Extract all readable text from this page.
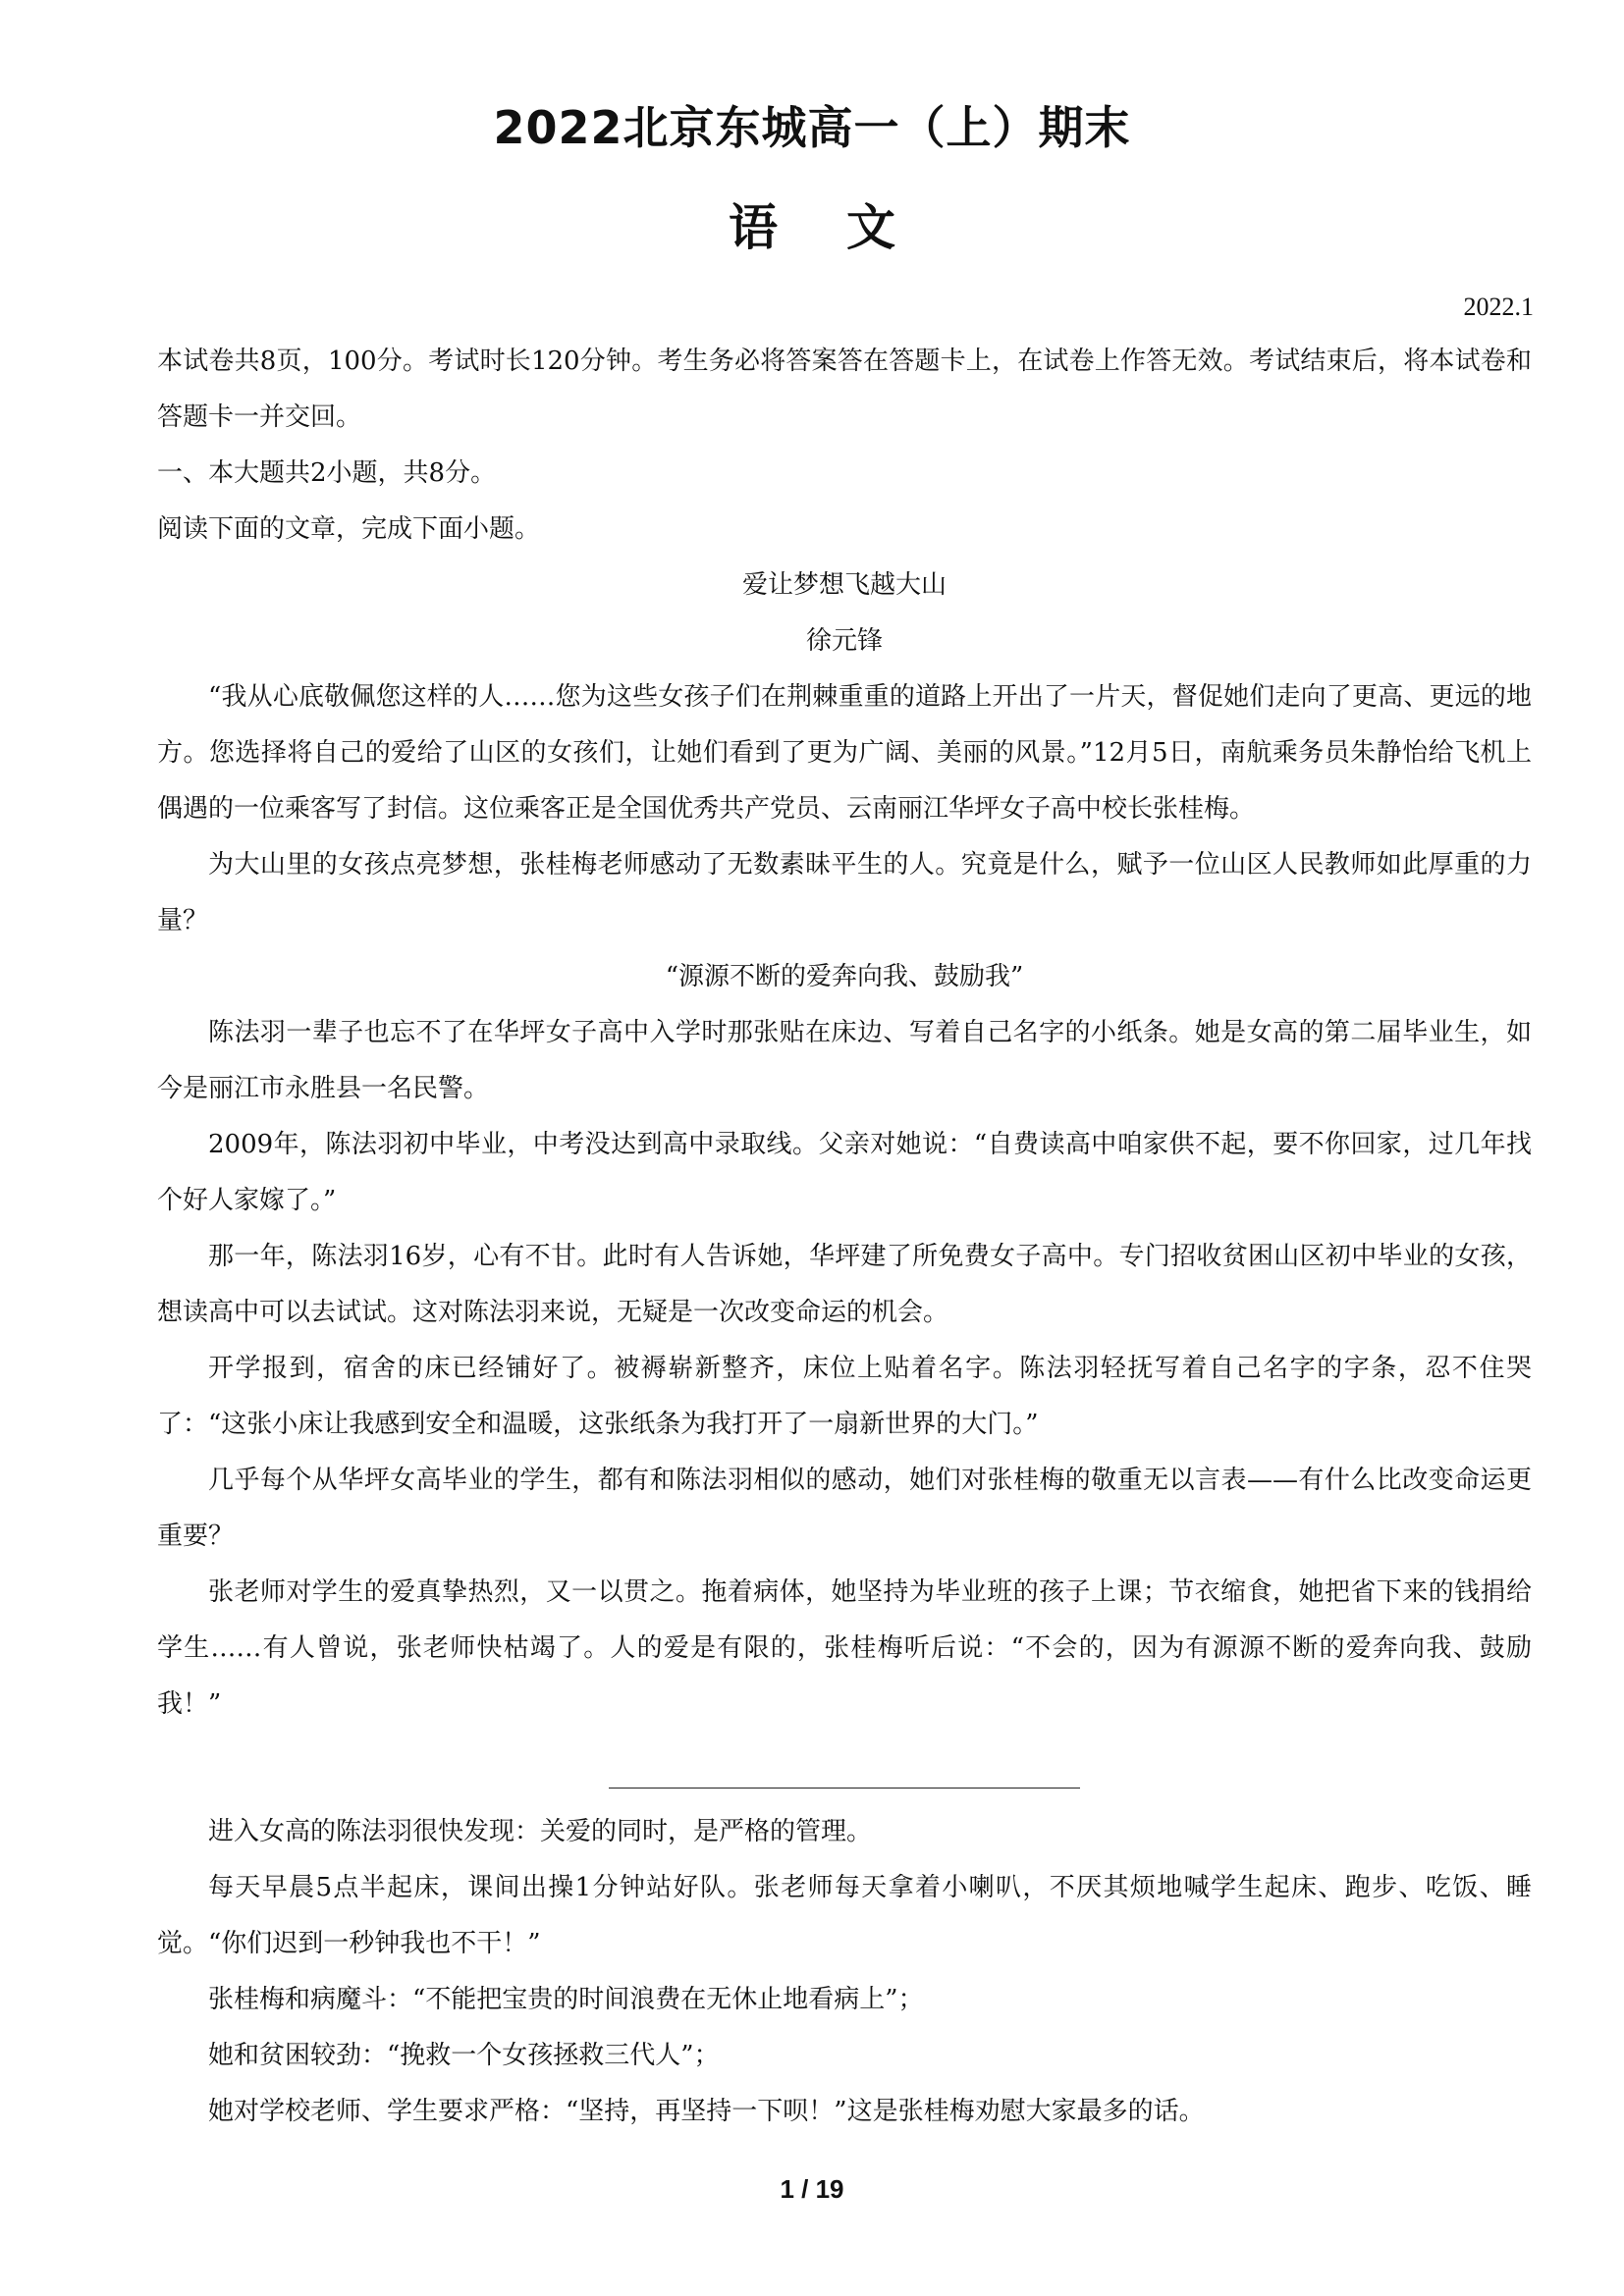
2022北京东城高一（上）期末
语文
2022.1

本试卷共8页，100分。考试时长120分钟。考生务必将答案答在答题卡上，在试卷上作答无效。考试结束后，将本试卷和答题卡一并交回。

一、本大题共2小题，共8分。

阅读下面的文章，完成下面小题。

爱让梦想飞越大山

徐元锋

“我从心底敬佩您这样的人……您为这些女孩子们在荆棘重重的道路上开出了一片天，督促她们走向了更高、更远的地方。您选择将自己的爱给了山区的女孩们，让她们看到了更为广阔、美丽的风景。”12月5日，南航乘务员朱静怡给飞机上偶遇的一位乘客写了封信。这位乘客正是全国优秀共产党员、云南丽江华坪女子高中校长张桂梅。

为大山里的女孩点亮梦想，张桂梅老师感动了无数素昧平生的人。究竟是什么，赋予一位山区人民教师如此厚重的力量？

“源源不断的爱奔向我、鼓励我”

陈法羽一辈子也忘不了在华坪女子高中入学时那张贴在床边、写着自己名字的小纸条。她是女高的第二届毕业生，如今是丽江市永胜县一名民警。

2009年，陈法羽初中毕业，中考没达到高中录取线。父亲对她说：“自费读高中咱家供不起，要不你回家，过几年找个好人家嫁了。”

那一年，陈法羽16岁，心有不甘。此时有人告诉她，华坪建了所免费女子高中。专门招收贫困山区初中毕业的女孩，想读高中可以去试试。这对陈法羽来说，无疑是一次改变命运的机会。

开学报到，宿舍的床已经铺好了。被褥崭新整齐，床位上贴着名字。陈法羽轻抚写着自己名字的字条，忍不住哭了：“这张小床让我感到安全和温暖，这张纸条为我打开了一扇新世界的大门。”

几乎每个从华坪女高毕业的学生，都有和陈法羽相似的感动，她们对张桂梅的敬重无以言表——有什么比改变命运更重要？

张老师对学生的爱真挚热烈，又一以贯之。拖着病体，她坚持为毕业班的孩子上课；节衣缩食，她把省下来的钱捐给学生……有人曾说，张老师快枯竭了。人的爱是有限的，张桂梅听后说：“不会的，因为有源源不断的爱奔向我、鼓励我！”

进入女高的陈法羽很快发现：关爱的同时，是严格的管理。

每天早晨5点半起床，课间出操1分钟站好队。张老师每天拿着小喇叭，不厌其烦地喊学生起床、跑步、吃饭、睡觉。“你们迟到一秒钟我也不干！”

张桂梅和病魔斗：“不能把宝贵的时间浪费在无休止地看病上”；

她和贫困较劲：“挽救一个女孩拯救三代人”；

她对学校老师、学生要求严格：“坚持，再坚持一下呗！”这是张桂梅劝慰大家最多的话。

1 / 19
